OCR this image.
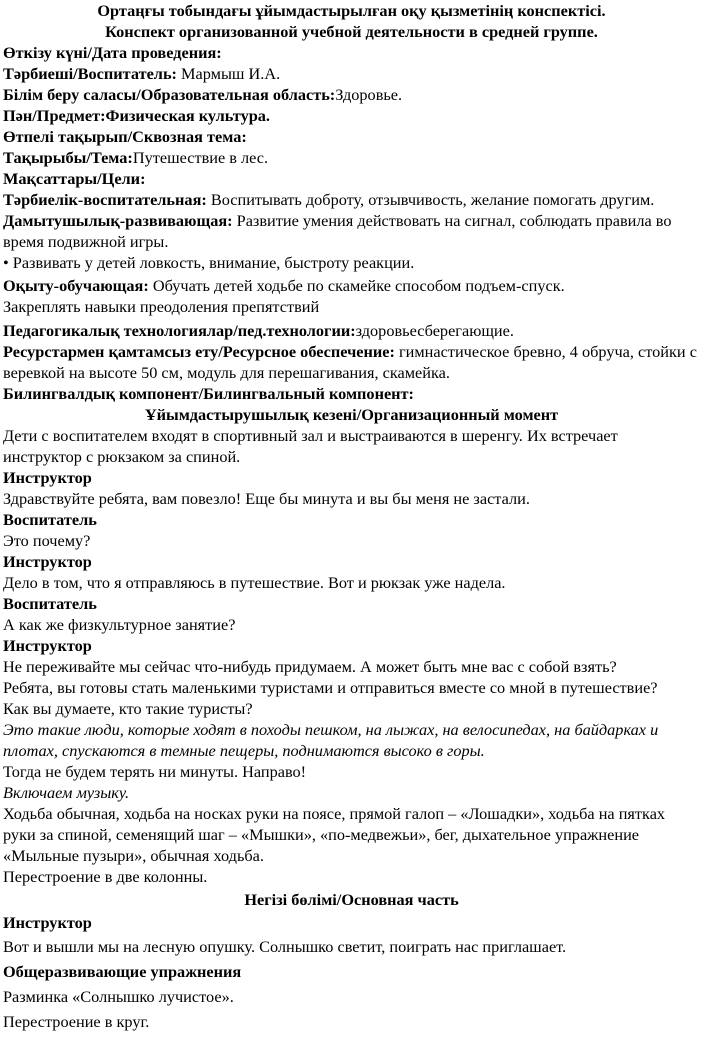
Ортаңғы тобындағы ұйымдастырылған оқу қызметінің конспектісі.

Конспект организованной учебной деятельности в средней группе.

Өткізу күні/Дата проведения:

Тәрбиеші/Воспитатель: Мармыш И.А.

Білім беру саласы/Образовательная область:Здоровье.

Пән/Предмет:Физическая культура.

Өтпелі тақырып/Сквозная тема:

Тақырыбы/Тема:Путешествие в лес.

Мақсаттары/Цели:

Тәрбиелік-воспитательная: Воспитывать доброту, отзывчивость, желание помогать другим.

Дамытушылық-развивающая: Развитие умения действовать на сигнал, соблюдать правила во время подвижной игры.

• Развивать у детей ловкость, внимание, быстроту реакции.

Оқыту-обучающая: Обучать детей ходьбе по скамейке способом подъем-спуск.

Закреплять навыки преодоления препятствий

Педагогикалық технологиялар/пед.технологии:здоровьесберегающие.

Ресурстармен қамтамсыз ету/Ресурсное обеспечение: гимнастическое бревно, 4 обруча, стойки с веревкой на высоте 50 см, модуль для перешагивания, скамейка.

Билингвалдық компонент/Билингвальный компонент:

Ұйымдастырушылық кезені/Организационный момент

Дети с воспитателем входят в спортивный зал и выстраиваются в шеренгу. Их встречает инструктор с рюкзаком за спиной.

Инструктор

Здравствуйте ребята, вам повезло! Еще бы минута и вы бы меня не застали.

Воспитатель

Это почему?

Инструктор

Дело в том, что я отправляюсь в путешествие. Вот и рюкзак уже надела.

Воспитатель

А как же физкультурное занятие?

Инструктор

Не переживайте мы сейчас что-нибудь придумаем. А может быть мне вас с собой взять?

Ребята, вы готовы стать маленькими туристами и отправиться вместе со мной в путешествие?

Как вы думаете, кто такие туристы?

Это такие люди, которые ходят в походы пешком, на лыжах, на велосипедах, на байдарках и плотах, спускаются в темные пещеры, поднимаются высоко в горы.

Тогда не будем терять ни минуты. Направо!

Включаем музыку.

Ходьба обычная, ходьба на носках руки на поясе, прямой галоп – «Лошадки», ходьба на пятках руки за спиной, семенящий шаг – «Мышки», «по-медвежьи», бег, дыхательное упражнение «Мыльные пузыри», обычная ходьба.

Перестроение в две колонны.

Негізі бөлімі/Основная часть

Инструктор

Вот и вышли мы на лесную опушку. Солнышко светит, поиграть нас приглашает.

Общеразвивающие упражнения

Разминка «Солнышко лучистое».

Перестроение в круг.
